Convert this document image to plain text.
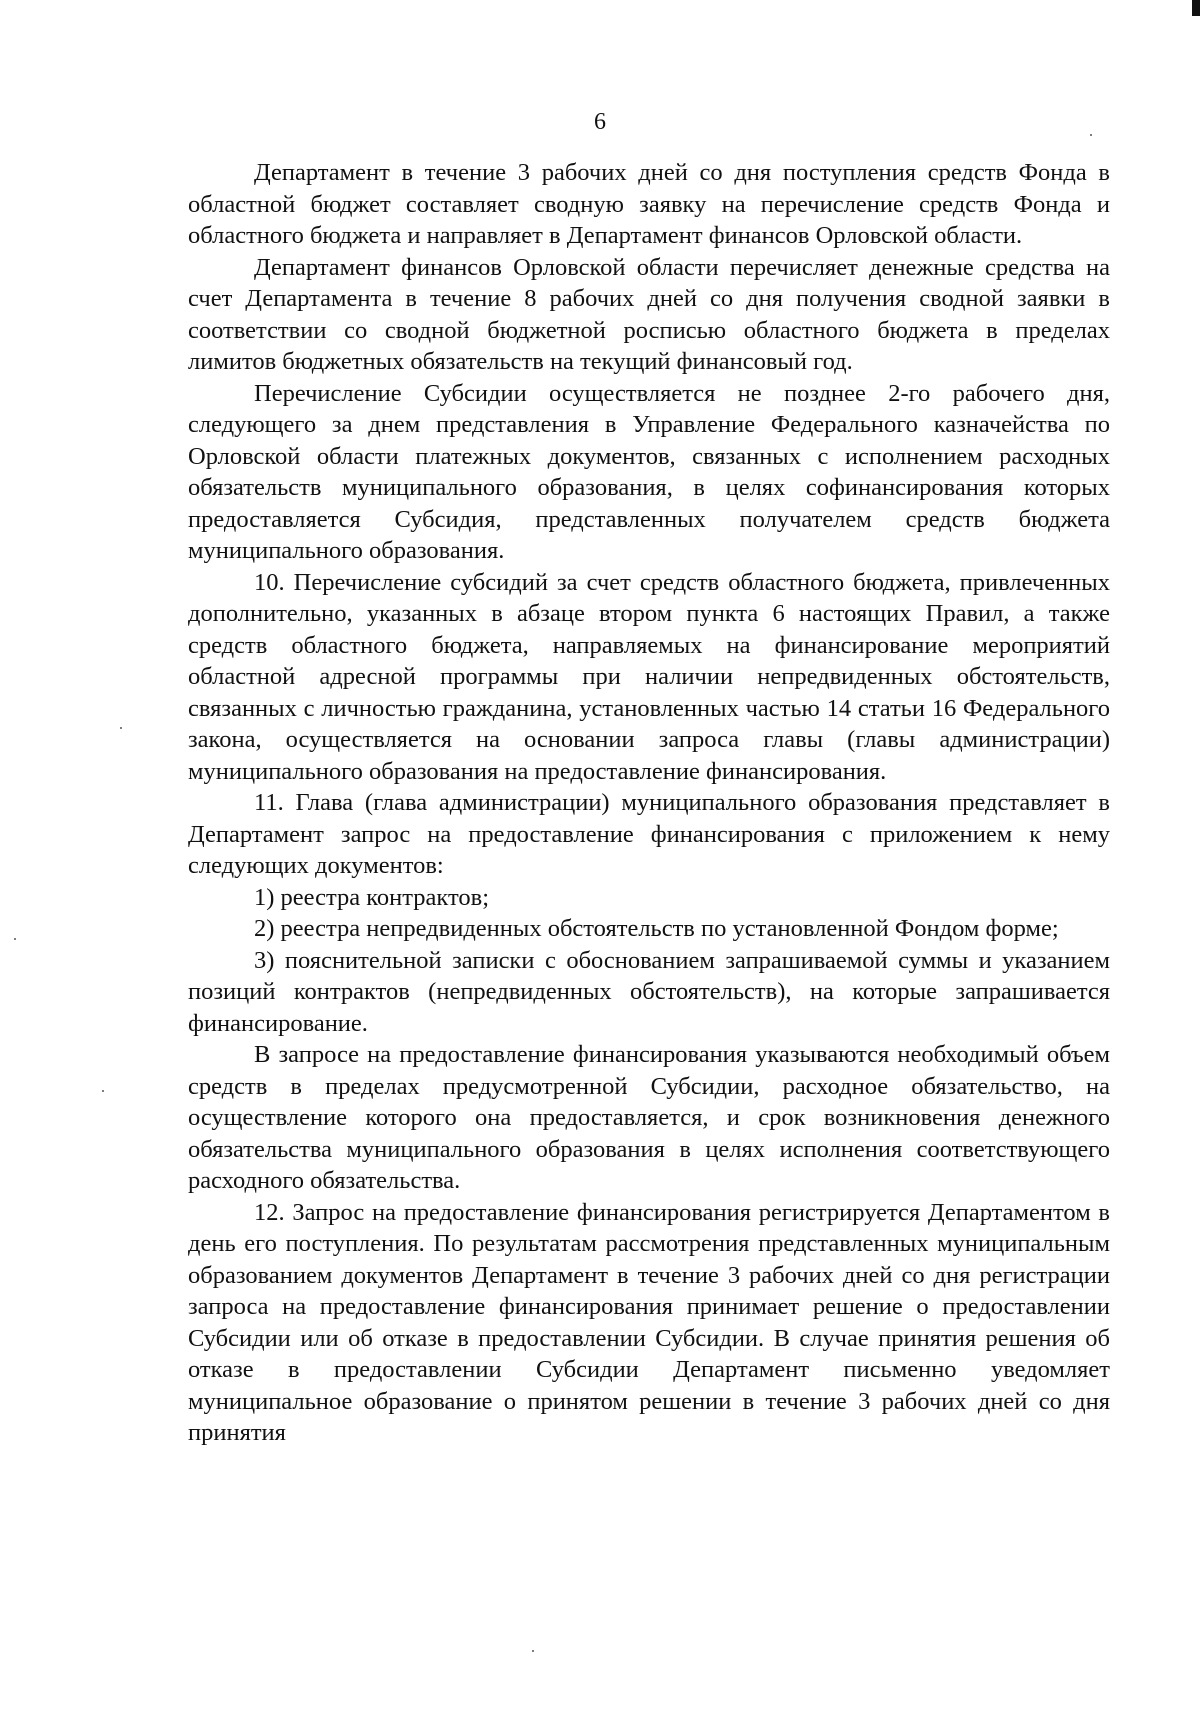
6

Департамент в течение 3 рабочих дней со дня поступления средств Фонда в областной бюджет составляет сводную заявку на перечисление средств Фонда и областного бюджета и направляет в Департамент финансов Орловской области.

Департамент финансов Орловской области перечисляет денежные средства на счет Департамента в течение 8 рабочих дней со дня получения сводной заявки в соответствии со сводной бюджетной росписью областного бюджета в пределах лимитов бюджетных обязательств на текущий финансовый год.

Перечисление Субсидии осуществляется не позднее 2-го рабочего дня, следующего за днем представления в Управление Федерального казначейства по Орловской области платежных документов, связанных с исполнением расходных обязательств муниципального образования, в целях софинансирования которых предоставляется Субсидия, представленных получателем средств бюджета муниципального образования.

10. Перечисление субсидий за счет средств областного бюджета, привлеченных дополнительно, указанных в абзаце втором пункта 6 настоящих Правил, а также средств областного бюджета, направляемых на финансирование мероприятий областной адресной программы при наличии непредвиденных обстоятельств, связанных с личностью гражданина, установленных частью 14 статьи 16 Федерального закона, осуществляется на основании запроса главы (главы администрации) муниципального образования на предоставление финансирования.

11. Глава (глава администрации) муниципального образования представляет в Департамент запрос на предоставление финансирования с приложением к нему следующих документов:

1) реестра контрактов;

2) реестра непредвиденных обстоятельств по установленной Фондом форме;

3) пояснительной записки с обоснованием запрашиваемой суммы и указанием позиций контрактов (непредвиденных обстоятельств), на которые запрашивается финансирование.

В запросе на предоставление финансирования указываются необходимый объем средств в пределах предусмотренной Субсидии, расходное обязательство, на осуществление которого она предоставляется, и срок возникновения денежного обязательства муниципального образования в целях исполнения соответствующего расходного обязательства.

12. Запрос на предоставление финансирования регистрируется Департаментом в день его поступления. По результатам рассмотрения представленных муниципальным образованием документов Департамент в течение 3 рабочих дней со дня регистрации запроса на предоставление финансирования принимает решение о предоставлении Субсидии или об отказе в предоставлении Субсидии. В случае принятия решения об отказе в предоставлении Субсидии Департамент письменно уведомляет муниципальное образование о принятом решении в течение 3 рабочих дней со дня принятия
